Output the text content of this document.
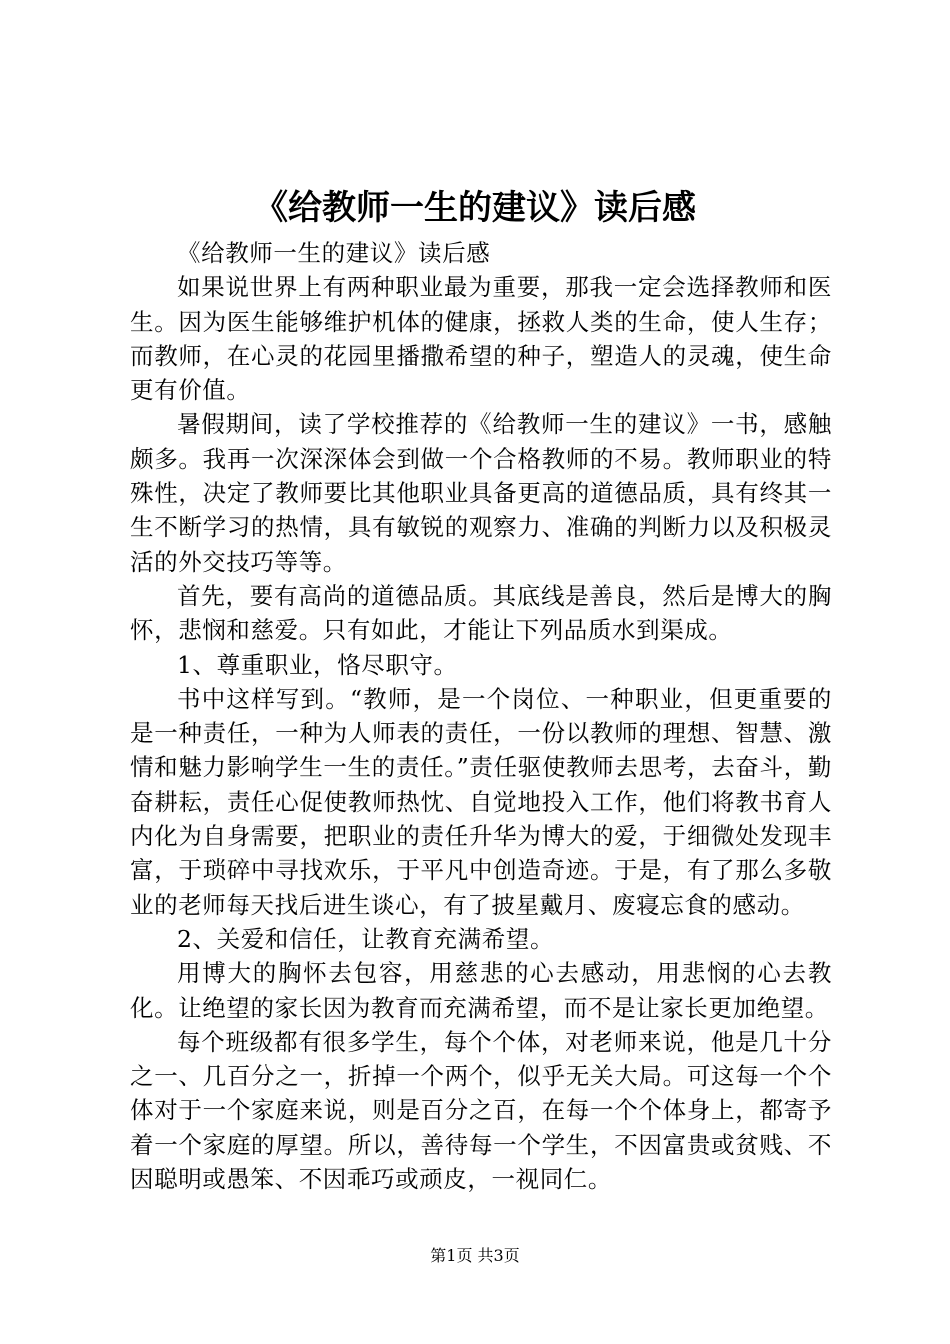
《给教师一生的建议》读后感

《给教师一生的建议》读后感

如果说世界上有两种职业最为重要，那我一定会选择教师和医生。因为医生能够维护机体的健康，拯救人类的生命，使人生存；而教师，在心灵的花园里播撒希望的种子，塑造人的灵魂，使生命更有价值。

暑假期间，读了学校推荐的《给教师一生的建议》一书，感触颇多。我再一次深深体会到做一个合格教师的不易。教师职业的特殊性，决定了教师要比其他职业具备更高的道德品质，具有终其一生不断学习的热情，具有敏锐的观察力、准确的判断力以及积极灵活的外交技巧等等。

首先，要有高尚的道德品质。其底线是善良，然后是博大的胸怀，悲悯和慈爱。只有如此，才能让下列品质水到渠成。

1、尊重职业，恪尽职守。

书中这样写到。“教师，是一个岗位、一种职业，但更重要的是一种责任，一种为人师表的责任，一份以教师的理想、智慧、激情和魅力影响学生一生的责任。”责任驱使教师去思考，去奋斗，勤奋耕耘，责任心促使教师热忱、自觉地投入工作，他们将教书育人内化为自身需要，把职业的责任升华为博大的爱，于细微处发现丰富，于琐碎中寻找欢乐，于平凡中创造奇迹。于是，有了那么多敬业的老师每天找后进生谈心，有了披星戴月、废寝忘食的感动。

2、关爱和信任，让教育充满希望。

用博大的胸怀去包容，用慈悲的心去感动，用悲悯的心去教化。让绝望的家长因为教育而充满希望，而不是让家长更加绝望。

每个班级都有很多学生，每个个体，对老师来说，他是几十分之一、几百分之一，折掉一个两个，似乎无关大局。可这每一个个体对于一个家庭来说，则是百分之百，在每一个个体身上，都寄予着一个家庭的厚望。所以，善待每一个学生，不因富贵或贫贱、不因聪明或愚笨、不因乖巧或顽皮，一视同仁。

第1页 共3页
